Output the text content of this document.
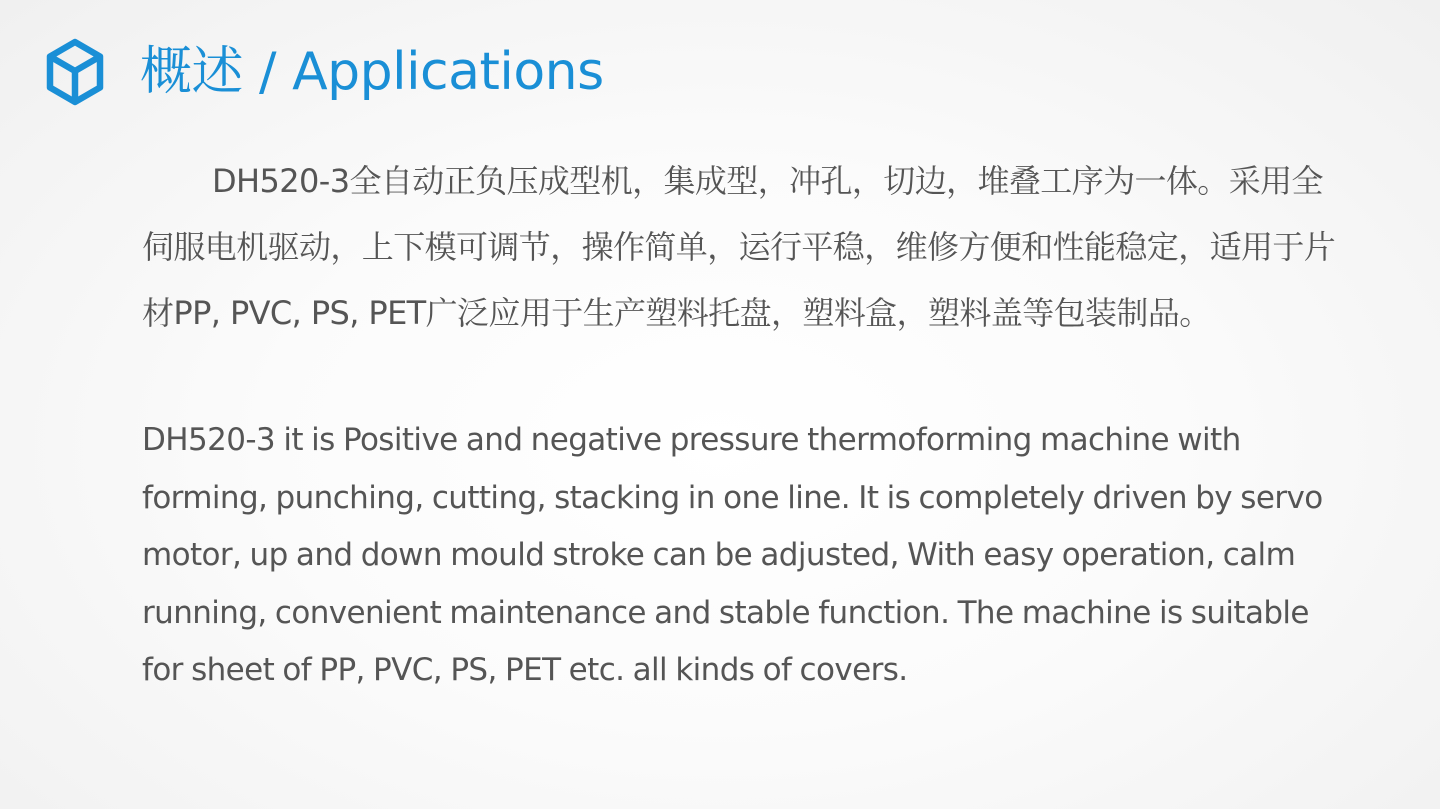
概述 / Applications

DH520-3全自动正负压成型机，集成型，冲孔，切边，堆叠工序为一体。采用全伺服电机驱动，上下模可调节，操作简单，运行平稳，维修方便和性能稳定，适用于片材PP, PVC, PS, PET广泛应用于生产塑料托盘，塑料盒，塑料盖等包装制品。

DH520-3 it is Positive and negative pressure thermoforming machine with forming, punching, cutting, stacking in one line. It is completely driven by servo motor, up and down mould stroke can be adjusted, With easy operation, calm running, convenient maintenance and stable function. The machine is suitable for sheet of PP, PVC, PS, PET etc. all kinds of covers.
